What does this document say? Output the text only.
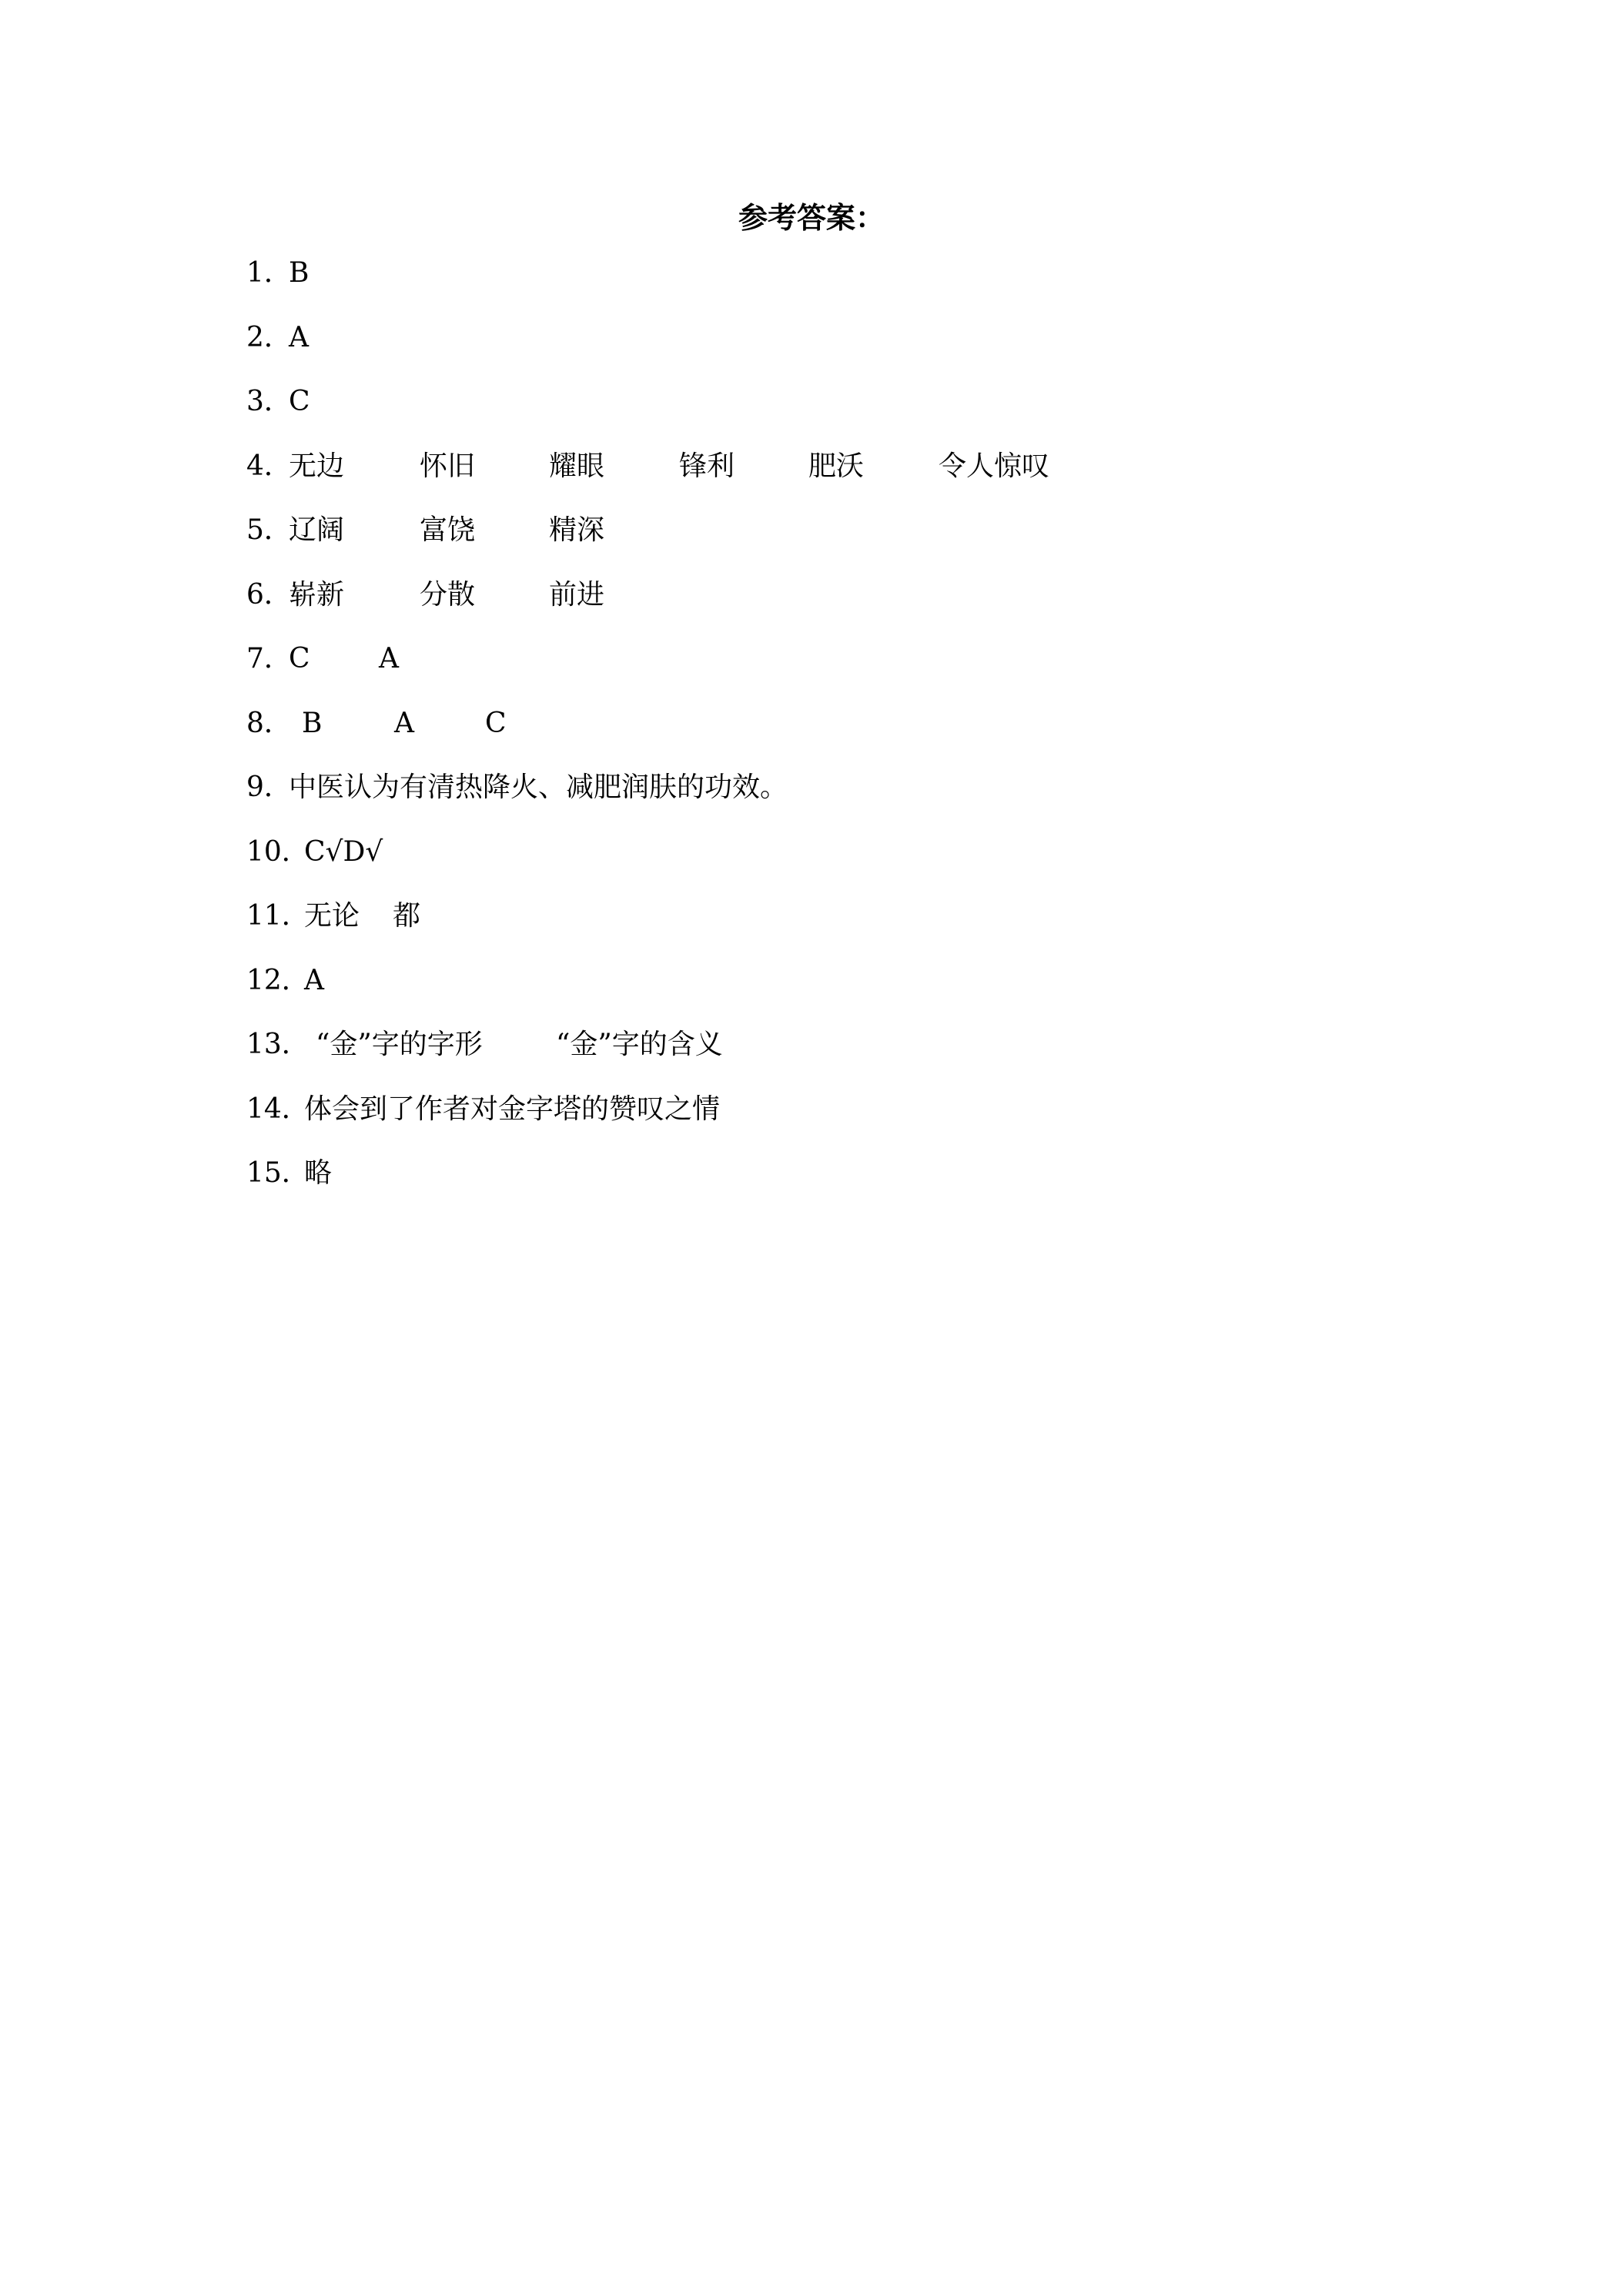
参考答案：
1．
B
2．
A
3．
C
4．
无边	怀旧	耀眼	锋利	肥沃	令人惊叹
5．
辽阔	富饶	精深
6．
崭新	分散	前进
7．
C A
8． B	A	C
9．
中医认为有清热降火、减肥润肤的功效。
10．
C√D√
11．
无论 都
12．
A
13． “金”字的字形	“金”字的含义
14．
体会到了作者对金字塔的赞叹之情
15．
略
